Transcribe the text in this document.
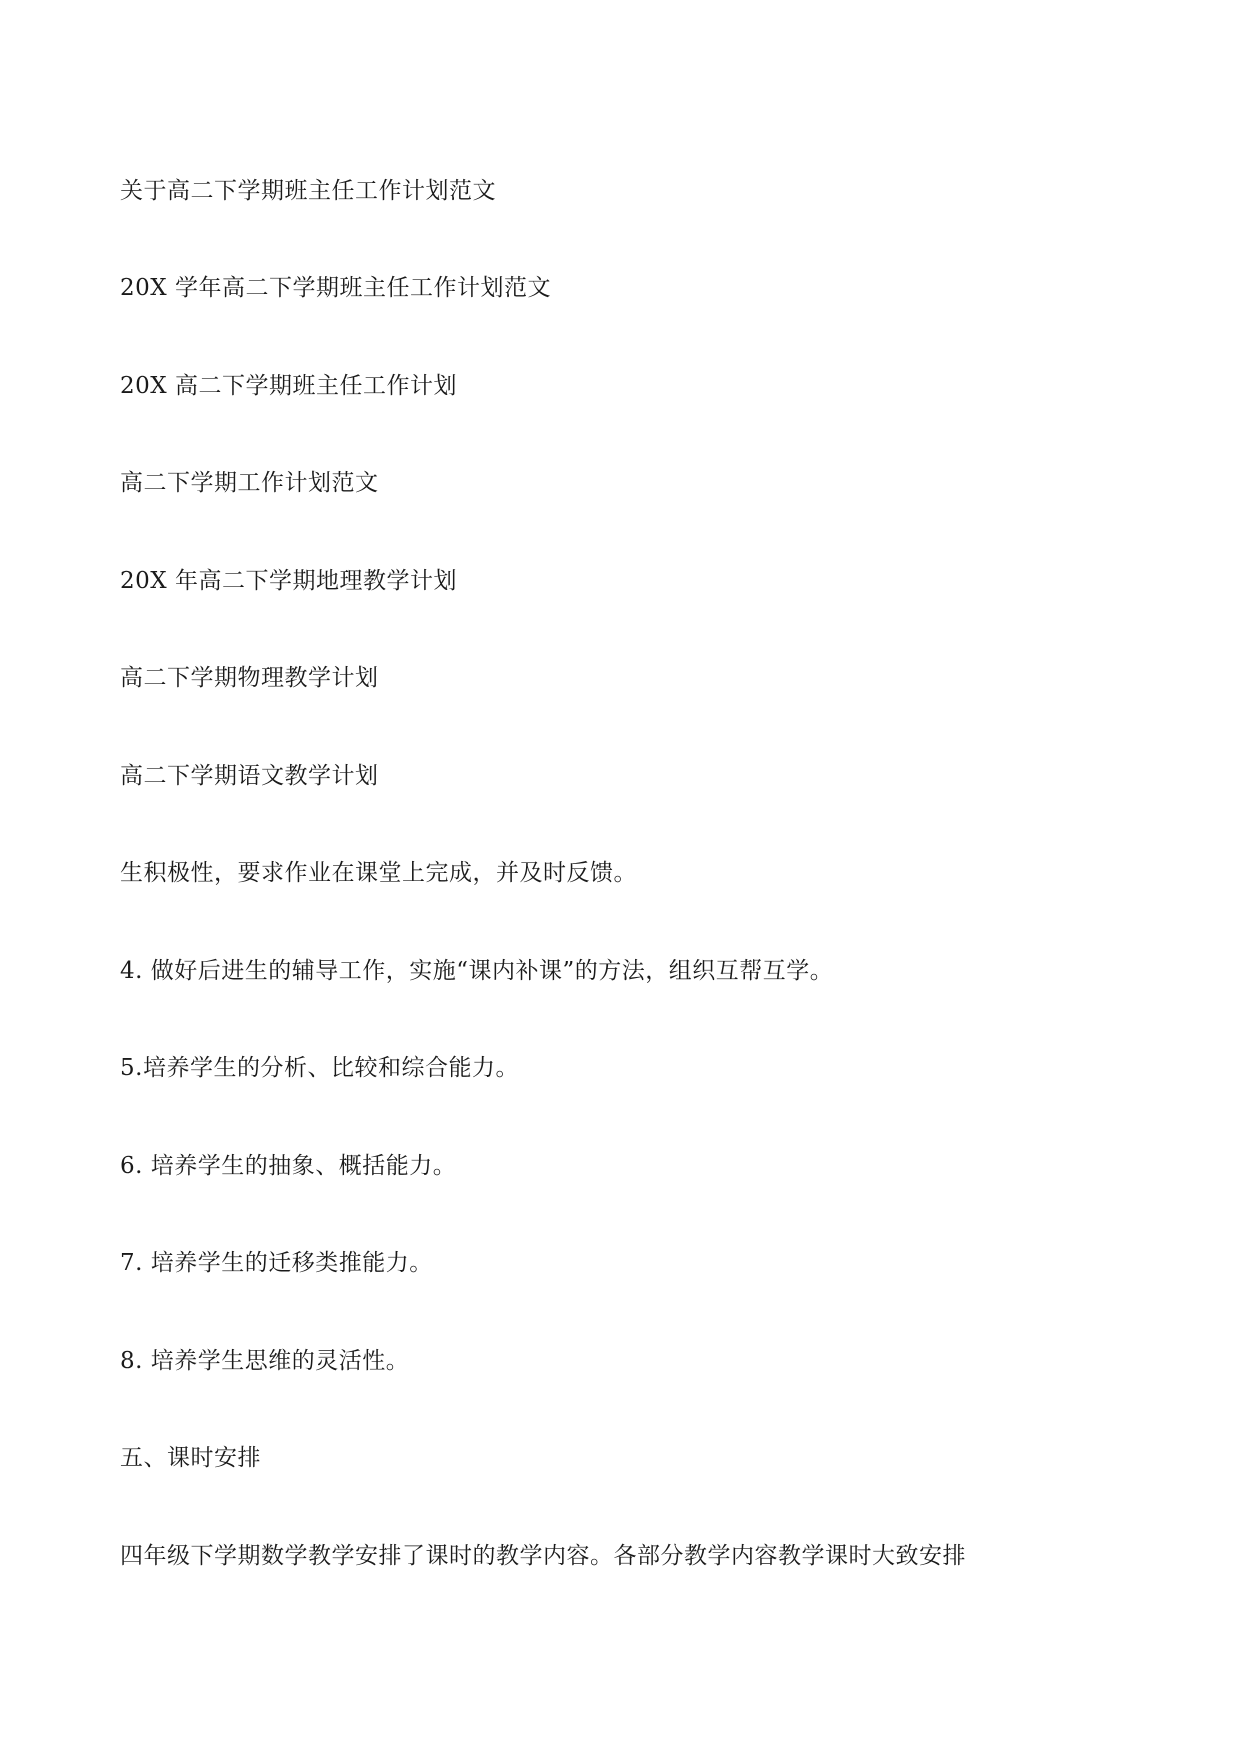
关于高二下学期班主任工作计划范文

20X 学年高二下学期班主任工作计划范文

20X 高二下学期班主任工作计划

高二下学期工作计划范文

20X 年高二下学期地理教学计划

高二下学期物理教学计划

高二下学期语文教学计划

生积极性，要求作业在课堂上完成，并及时反馈。

4. 做好后进生的辅导工作，实施“课内补课”的方法，组织互帮互学。

5.培养学生的分析、比较和综合能力。

6. 培养学生的抽象、概括能力。

7. 培养学生的迁移类推能力。

8. 培养学生思维的灵活性。

五、课时安排

四年级下学期数学教学安排了课时的教学内容。各部分教学内容教学课时大致安排
